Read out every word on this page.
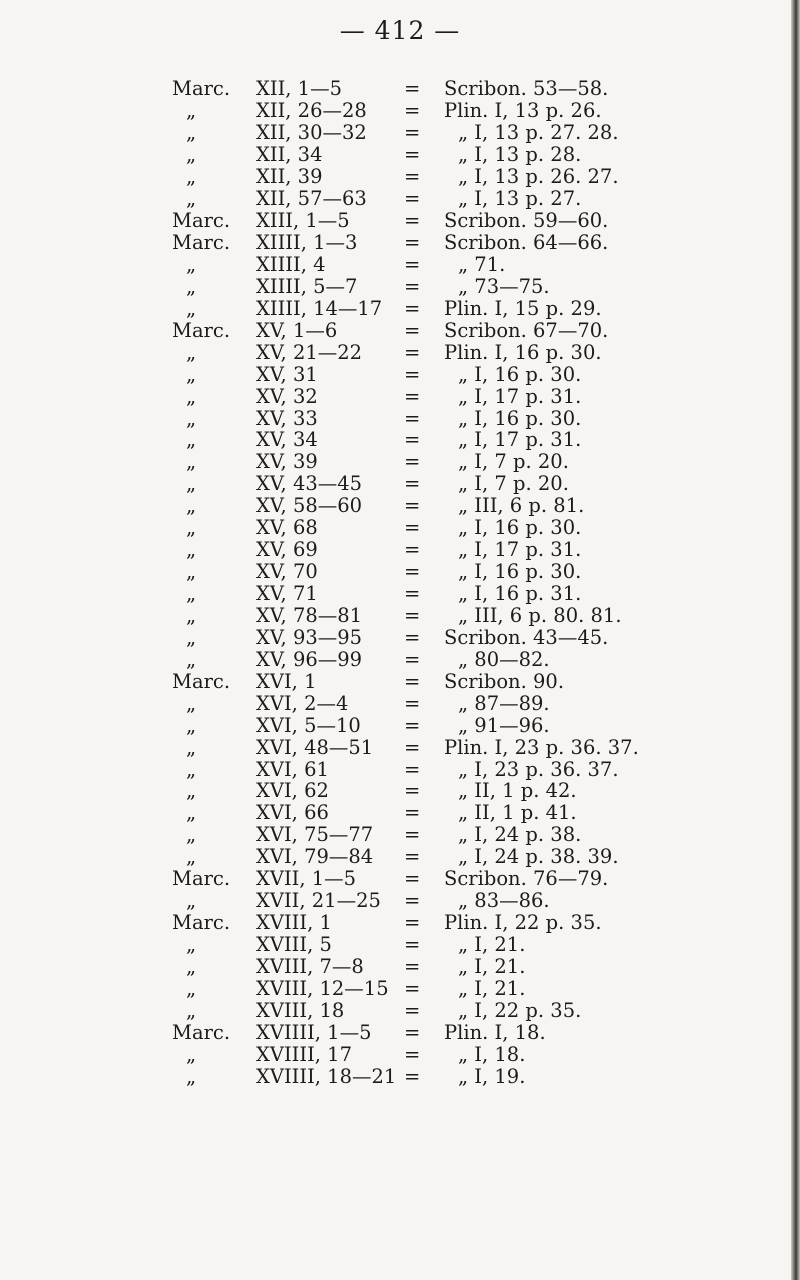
— 412 —
Marc.	XII, 1—5	=	Scribon. 53—58.
„	XII, 26—28	=	Plin. I, 13 p. 26.
„	XII, 30—32	=	„ I, 13 p. 27. 28.
„	XII, 34	=	„ I, 13 p. 28.
„	XII, 39	=	„ I, 13 p. 26. 27.
„	XII, 57—63	=	„ I, 13 p. 27.
Marc.	XIII, 1—5	=	Scribon. 59—60.
Marc.	XIIII, 1—3	=	Scribon. 64—66.
„	XIIII, 4	=	„ 71.
„	XIIII, 5—7	=	„ 73—75.
„	XIIII, 14—17	=	Plin. I, 15 p. 29.
Marc.	XV, 1—6	=	Scribon. 67—70.
„	XV, 21—22	=	Plin. I, 16 p. 30.
„	XV, 31	=	„ I, 16 p. 30.
„	XV, 32	=	„ I, 17 p. 31.
„	XV, 33	=	„ I, 16 p. 30.
„	XV, 34	=	„ I, 17 p. 31.
„	XV, 39	=	„ I, 7 p. 20.
„	XV, 43—45	=	„ I, 7 p. 20.
„	XV, 58—60	=	„ III, 6 p. 81.
„	XV, 68	=	„ I, 16 p. 30.
„	XV, 69	=	„ I, 17 p. 31.
„	XV, 70	=	„ I, 16 p. 30.
„	XV, 71	=	„ I, 16 p. 31.
„	XV, 78—81	=	„ III, 6 p. 80. 81.
„	XV, 93—95	=	Scribon. 43—45.
„	XV, 96—99	=	„ 80—82.
Marc.	XVI, 1	=	Scribon. 90.
„	XVI, 2—4	=	„ 87—89.
„	XVI, 5—10	=	„ 91—96.
„	XVI, 48—51	=	Plin. I, 23 p. 36. 37.
„	XVI, 61	=	„ I, 23 p. 36. 37.
„	XVI, 62	=	„ II, 1 p. 42.
„	XVI, 66	=	„ II, 1 p. 41.
„	XVI, 75—77	=	„ I, 24 p. 38.
„	XVI, 79—84	=	„ I, 24 p. 38. 39.
Marc.	XVII, 1—5	=	Scribon. 76—79.
„	XVII, 21—25	=	„ 83—86.
Marc.	XVIII, 1	=	Plin. I, 22 p. 35.
„	XVIII, 5	=	„ I, 21.
„	XVIII, 7—8	=	„ I, 21.
„	XVIII, 12—15 =	„ I, 21.
„	XVIII, 18	=	„ I, 22 p. 35.
Marc.	XVIIII, 1—5	=	Plin. I, 18.
„	XVIIII, 17	=	„ I, 18.
„	XVIIII, 18—21 =	„ I, 19.
